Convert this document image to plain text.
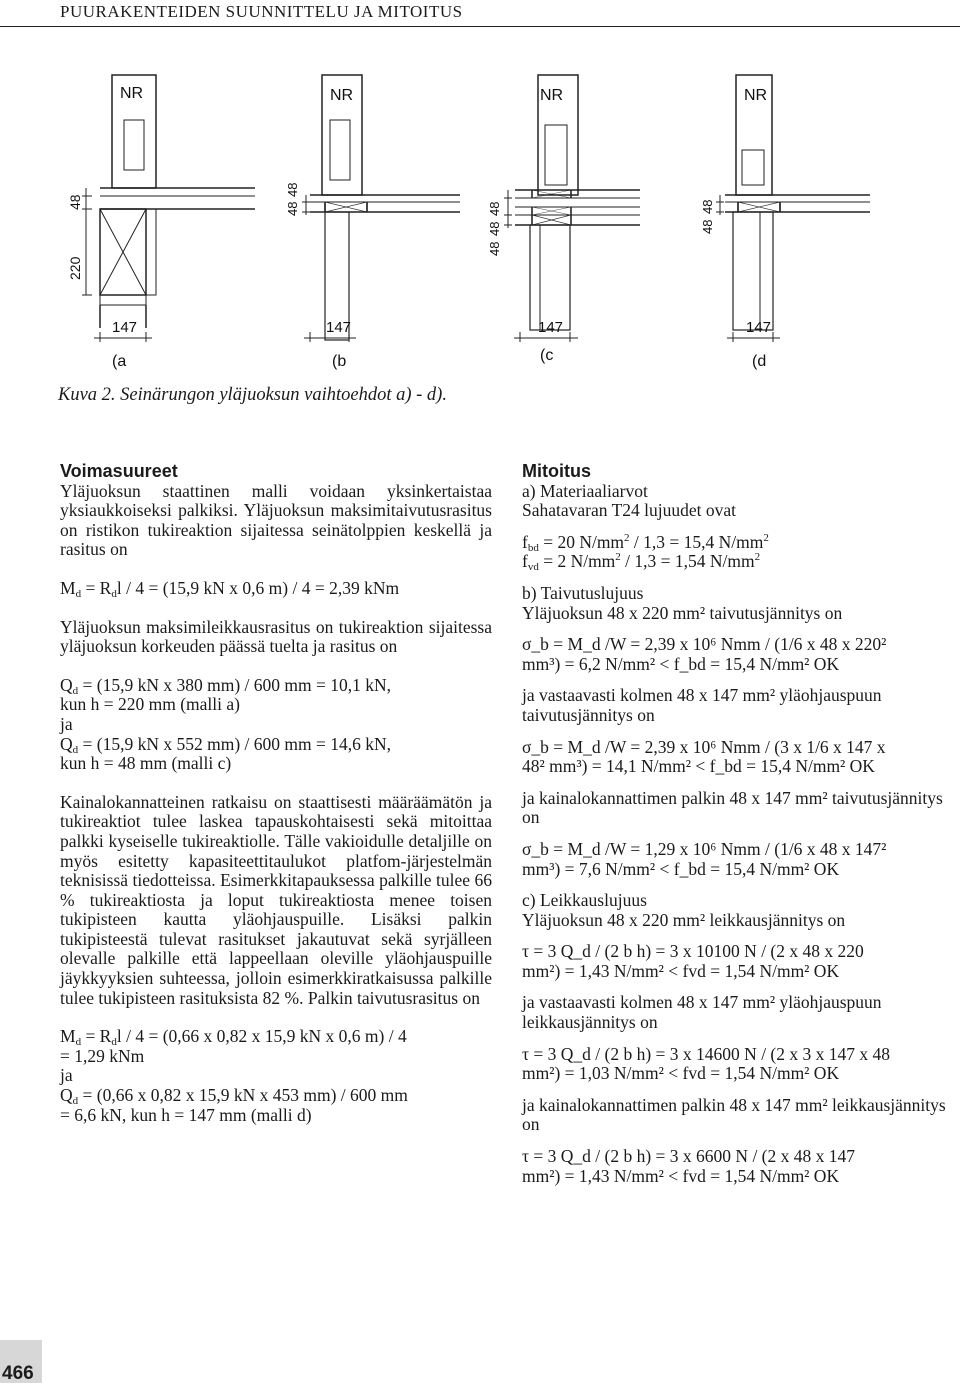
PUURAKENTEIDEN SUUNNITTELU JA MITOITUS
NR
147
(a
48
220
NR
147
(b
48
48
NR
147
(c
48
48
48
NR
147
(d
48
48
Kuva 2. Seinärungon yläjuoksun vaihtoehdot a) - d).

Voimasuureet

Yläjuoksun staattinen malli voidaan yksinkertaistaa yksiaukkoiseksi palkiksi. Yläjuoksun maksimitaivutusrasitus on ristikon tukireaktion sijaitessa seinätolppien keskellä ja rasitus on

$M_d = R_dl / 4 = (15,9$ kN x 0,6 m) / 4 = 2,39 kNm

Yläjuoksun maksimileikkausrasitus on tukireaktion sijaitessa yläjuoksun korkeuden päässä tuelta ja rasitus on

$Q_d = (15,9$ kN x 380 mm) / 600 mm = 10,1 kN,
kun h = 220 mm (malli a)

ja

$Q_d = (15,9$ kN x 552 mm) / 600 mm = 14,6 kN,
kun h = 48 mm (malli c)

Kainalokannatteinen ratkaisu on staattisesti määräämätön ja tukireaktiot tulee laskea tapauskohtaisesti sekä mitoittaa palkki kyseiselle tukireaktiolle. Tälle vakioidulle detaljille on myös esitetty kapasiteettitaulukot platfom-järjestelmän teknisissä tiedotteissa. Esimerkkitapauksessa palkille tulee 66 % tukireaktiosta ja loput tukireaktiosta menee toisen tukipisteen kautta yläohjauspuille. Lisäksi palkin tukipisteestä tulevat rasitukset jakautuvat sekä syrjälleen olevalle palkille että lappeellaan oleville yläohjauspuille jäykkyyksien suhteessa, jolloin esimerkkiratkaisussa palkille tulee tukipisteen rasituksista 82 %. Palkin taivutusrasitus on

$M_d = R_dl / 4 = (0,66$ x 0,82 x 15,9 kN x 0,6 m) / 4
= 1,29 kNm

ja

$Q_d = (0,66$ x 0,82 x 15,9 kN x 453 mm) / 600 mm
= 6,6 kN, kun h = 147 mm (malli d)

Mitoitus

a) Materiaaliarvot

Sahatavaran T24 lujuudet ovat

$f_{bd} = 20$ $N/mm^2 / 1,3 = 15,4$ $N/mm^2$

$f_{vd} = 2$ $N/mm^2 / 1,3 = 1,54$ $N/mm^2$

b) Taivutuslujuus

Yläjuoksun 48 x 220 mm² taivutusjännitys on

σ_b = M_d /W = 2,39 x 10⁶ Nmm / (1/6 x 48 x 220²
mm³) = 6,2 N/mm² < f_bd = 15,4 N/mm² OK

ja vastaavasti kolmen 48 x 147 mm² yläohjauspuun taivutusjännitys on

σ_b = M_d /W = 2,39 x 10⁶ Nmm / (3 x 1/6 x 147 x
48² mm³) = 14,1 N/mm² < f_bd = 15,4 N/mm² OK

ja kainalokannattimen palkin 48 x 147 mm² taivutusjännitys on

σ_b = M_d /W = 1,29 x 10⁶ Nmm / (1/6 x 48 x 147²
mm³) = 7,6 N/mm² < f_bd = 15,4 N/mm² OK

c) Leikkauslujuus

Yläjuoksun 48 x 220 mm² leikkausjännitys on

τ = 3 Q_d / (2 b h) = 3 x 10100 N / (2 x 48 x 220
mm²) = 1,43 N/mm² < fvd = 1,54 N/mm² OK

ja vastaavasti kolmen 48 x 147 mm² yläohjauspuun leikkausjännitys on

τ = 3 Q_d / (2 b h) = 3 x 14600 N / (2 x 3 x 147 x 48
mm²) = 1,03 N/mm² < fvd = 1,54 N/mm² OK

ja kainalokannattimen palkin 48 x 147 mm² leikkausjännitys on

τ = 3 Q_d / (2 b h) = 3 x 6600 N / (2 x 48 x 147
mm²) = 1,43 N/mm² < fvd = 1,54 N/mm² OK

466
